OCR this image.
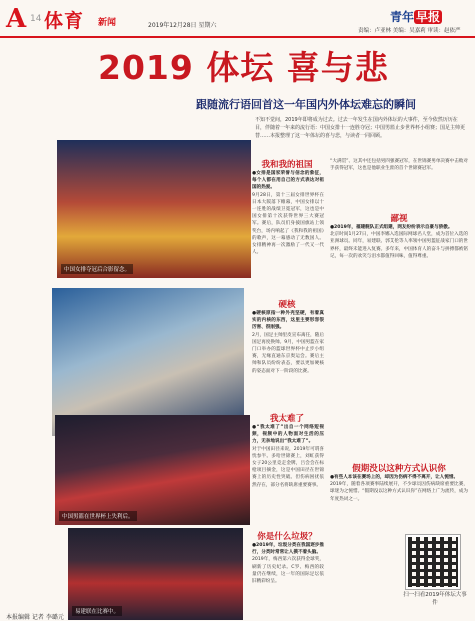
A 14 体育 新闻	2019年12月28日 星期六
青年 早报
责编：卢亚林 美编：吴嘉莉 审读：赵依严
2019 体坛 喜与悲
跟随流行语回首这一年国内外体坛难忘的瞬间
不知不觉间，2019年即将成为过去。过去一年发生在国内外体坛的大事件，至今依然历历在目，伴随着一年来的流行语：中国女排十一连胜夺冠；中国男篮止步世界杯小组赛；国足主帅更替……本报整理了这一年体坛的喜与悲，与读者一同回顾。
中国女排夺冠后合影留念。
中国男篮在世界杯上失利后。
易建联在比赛中。
我和我的祖国
●女排是国家荣誉与信念的象征，每个人都在用自己的方式表达对祖国的热爱。
9月28日，第十三届女排世界杯在日本大阪落下帷幕，中国女排以十一连胜的战绩卫冕冠军，这也是中国女排第十次获得世界三大赛冠军。赛后，队员们身披国旗站上领奖台，场内响起了《我和我的祖国》的歌声，这一幕感动了无数国人。女排精神再一次激励了一代又一代人。
硬核
●硬核原指一种外壳坚硬，有着真实的内核的东西，这里主要形容很厉害、很刚强。
2月，国足主帅里皮宣布离任，随后国足再度换帅。9月，中国男篮在家门口举办的篮球世界杯中止步小组赛，无缘直通东京奥运会。赛后主帅和队员纷纷表态，要以更加硬核的姿态面对下一阶段的比赛。
我太难了
●“我太难了”出自一个网络短视频，视频中的人物面对生活的压力，无奈地说出“我太难了”。
对于中国田径来说，2019年可谓喜忧参半。多哈世锦赛上，刘虹获得女子20公里竞走金牌，吕会会在标枪项目摘金，这是中国田径在世锦赛上的历史性突破。但伤病困扰依然存在，部分名将缺席重要赛事。
你是什么垃圾？
●2019年，垃圾分类在我国逐步推行，分类时常常让人摸不着头脑。
2019年，梅西第六次获得金球奖，刷新了历史纪录。C罗、梅西的较量仍在继续，这一年的国际足坛依旧精彩纷呈。
“大满贯”、这其中还包括男四强赛冠军，在世锦赛男单决赛中击败对手获得冠军，这也是他职业生涯的首个世锦赛冠军。
鄙视
●2019年，福建舰队正式组建，网友纷纷表示自豪与骄傲。
北京时间1月27日，中国李娜入选国际网球名人堂，成为首位入选的亚洲球员。同年，易建联、郭艾伦等人率领中国男篮征战家门口的世界杯，最终未能进入复赛。多年来，中国体育人的奋斗与拼搏都被铭记，每一次的欢笑与泪水都值得回味，值得尊重。
假期没以这种方式认识你
●有些人本该在赛场上的，却因为伤病不得不离开，让人惋惜。
2019年，随着各项赛事陆续展开，不少球员因伤病缺席重要比赛，球迷为之惋惜。“假期没以这种方式认识你”在网络上广为流传，成为年度热词之一。
扫一扫看2019年体坛大事件
本报编辑 记者 李璐元
